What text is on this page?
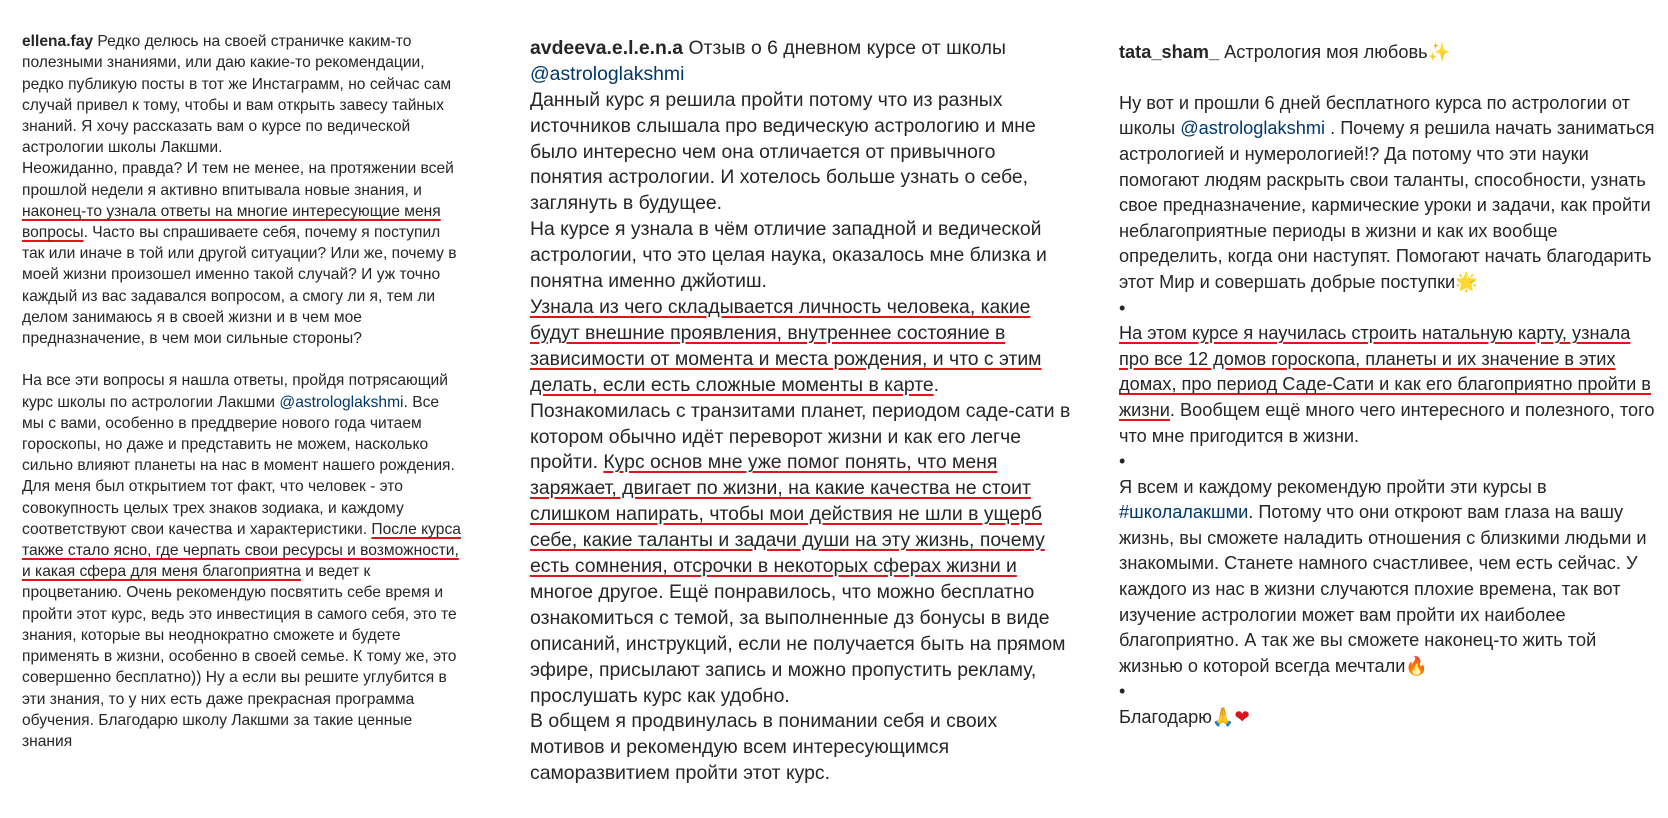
ellena.fay Редко делюсь на своей страничке каким-то полезными знаниями, или даю какие-то рекомендации, редко публикую посты в тот же Инстаграмм, но сейчас сам случай привел к тому, чтобы и вам открыть завесу тайных знаний. Я хочу рассказать вам о курсе по ведической астрологии школы Лакшми.
Неожиданно, правда? И тем не менее, на протяжении всей прошлой недели я активно впитывала новые знания, и наконец-то узнала ответы на многие интересующие меня вопросы. Часто вы спрашиваете себя, почему я поступил так или иначе в той или другой ситуации? Или же, почему в моей жизни произошел именно такой случай? И уж точно каждый из вас задавался вопросом, а смогу ли я, тем ли делом занимаюсь я в своей жизни и в чем мое предназначение, в чем мои сильные стороны?

На все эти вопросы я нашла ответы, пройдя потрясающий курс школы по астрологии Лакшми @astrologlakshmi. Все мы с вами, особенно в преддверие нового года читаем гороскопы, но даже и представить не можем, насколько сильно влияют планеты на нас в момент нашего рождения. Для меня был открытием тот факт, что человек - это совокупность целых трех знаков зодиака, и каждому соответствуют свои качества и характеристики. После курса также стало ясно, где черпать свои ресурсы и возможности, и какая сфера для меня благоприятна и ведет к процветанию. Очень рекомендую посвятить себе время и пройти этот курс, ведь это инвестиция в самого себя, это те знания, которые вы неоднократно сможете и будете применять в жизни, особенно в своей семье. К тому же, это совершенно бесплатно)) Ну а если вы решите углубится в эти знания, то у них есть даже прекрасная программа обучения. Благодарю школу Лакшми за такие ценные знания

avdeeva.e.l.e.n.a Отзыв о 6 дневном курсе от школы @astrologlakshmi
Данный курс я решила пройти потому что из разных источников слышала про ведическую астрологию и мне было интересно чем она отличается от привычного понятия астрологии. И хотелось больше узнать о себе, заглянуть в будущее.
На курсе я узнала в чём отличие западной и ведической астрологии, что это целая наука, оказалось мне близка и понятна именно джйотиш.
Узнала из чего складывается личность человека, какие будут внешние проявления, внутреннее состояние в зависимости от момента и места рождения, и что с этим делать, если есть сложные моменты в карте. Познакомилась с транзитами планет, периодом саде-сати в котором обычно идёт переворот жизни и как его легче пройти. Курс основ мне уже помог понять, что меня заряжает, двигает по жизни, на какие качества не стоит слишком напирать, чтобы мои действия не шли в ущерб себе, какие таланты и задачи души на эту жизнь, почему есть сомнения, отсрочки в некоторых сферах жизни и многое другое. Ещё понравилось, что можно бесплатно ознакомиться с темой, за выполненные дз бонусы в виде описаний, инструкций, если не получается быть на прямом эфире, присылают запись и можно пропустить рекламу, прослушать курс как удобно.
В общем я продвинулась в понимании себя и своих мотивов и рекомендую всем интересующимся саморазвитием пройти этот курс.

tata_sham_ Астрология моя любовь✨

Ну вот и прошли 6 дней бесплатного курса по астрологии от школы @astrologlakshmi . Почему я решила начать заниматься астрологией и нумерологией!? Да потому что эти науки помогают людям раскрыть свои таланты, способности, узнать свое предназначение, кармические уроки и задачи, как пройти неблагоприятные периоды в жизни и как их вообще определить, когда они наступят. Помогают начать благодарить этот Мир и совершать добрые поступки🌟

•
На этом курсе я научилась строить натальную карту, узнала про все 12 домов гороскопа, планеты и их значение в этих домах, про период Саде-Сати и как его благоприятно пройти в жизни. Вообщем ещё много чего интересного и полезного, того что мне пригодится в жизни.

•
Я всем и каждому рекомендую пройти эти курсы в #школалакшми. Потому что они откроют вам глаза на вашу жизнь, вы сможете наладить отношения с близкими людьми и знакомыми. Станете намного счастливее, чем есть сейчас. У каждого из нас в жизни случаются плохие времена, так вот изучение астрологии может вам пройти их наиболее благоприятно. А так же вы сможете наконец-то жить той жизнью о которой всегда мечтали🔥

•
Благодарю🙏❤
